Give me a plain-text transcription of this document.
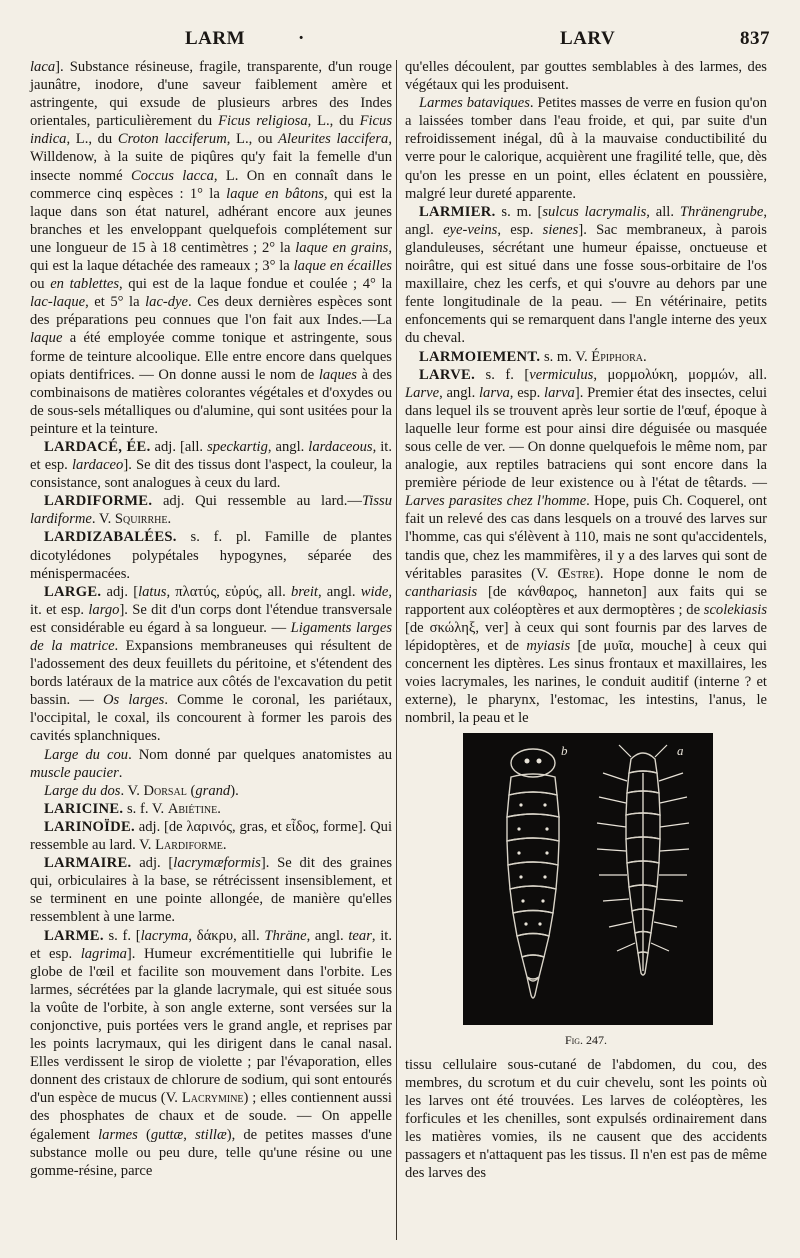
LARM	·	LARV	837

laca]. Substance résineuse, fragile, transparente, d'un rouge jaunâtre, inodore, d'une saveur faiblement amère et astringente, qui exsude de plusieurs arbres des Indes orientales, particulièrement du Ficus religiosa, L., du Ficus indica, L., du Croton lacciferum, L., ou Aleurites laccifera, Willdenow, à la suite de piqûres qu'y fait la femelle d'un insecte nommé Coccus lacca, L. On en connaît dans le commerce cinq espèces : 1° la laque en bâtons, qui est la laque dans son état naturel, adhérant encore aux jeunes branches et les enveloppant quelquefois complétement sur une longueur de 15 à 18 centimètres ; 2° la laque en grains, qui est la laque détachée des rameaux ; 3° la laque en écailles ou en tablettes, qui est de la laque fondue et coulée ; 4° la lac-laque, et 5° la lac-dye. Ces deux dernières espèces sont des préparations peu connues que l'on fait aux Indes.—La laque a été employée comme tonique et astringente, sous forme de teinture alcoolique. Elle entre encore dans quelques opiats dentifrices. — On donne aussi le nom de laques à des combinaisons de matières colorantes végétales et d'oxydes ou de sous-sels métalliques ou d'alumine, qui sont usitées pour la peinture et la teinture.

LARDACÉ, ÉE. adj. [all. speckartig, angl. lardaceous, it. et esp. lardaceo]. Se dit des tissus dont l'aspect, la couleur, la consistance, sont analogues à ceux du lard.

LARDIFORME. adj. Qui ressemble au lard.—Tissu lardiforme. V. Squirrhe.

LARDIZABALÉES. s. f. pl. Famille de plantes dicotylédones polypétales hypogynes, séparée des ménispermacées.

LARGE. adj. [latus, πλατύς, εὐρύς, all. breit, angl. wide, it. et esp. largo]. Se dit d'un corps dont l'étendue transversale est considérable eu égard à sa longueur. — Ligaments larges de la matrice. Expansions membraneuses qui résultent de l'adossement des deux feuillets du péritoine, et s'étendent des bords latéraux de la matrice aux côtés de l'excavation du petit bassin. — Os larges. Comme le coronal, les pariétaux, l'occipital, le coxal, ils concourent à former les parois des cavités splanchniques.

Large du cou. Nom donné par quelques anatomistes au muscle paucier.

Large du dos. V. Dorsal (grand).

LARICINE. s. f. V. Abiétine.

LARINOÏDE. adj. [de λαρινός, gras, et εἶδος, forme]. Qui ressemble au lard. V. Lardiforme.

LARMAIRE. adj. [lacrymæformis]. Se dit des graines qui, orbiculaires à la base, se rétrécissent insensiblement, et se terminent en une pointe allongée, de manière qu'elles ressemblent à une larme.

LARME. s. f. [lacryma, δάκρυ, all. Thräne, angl. tear, it. et esp. lagrima]. Humeur excrémentitielle qui lubrifie le globe de l'œil et facilite son mouvement dans l'orbite. Les larmes, sécrétées par la glande lacrymale, qui est située sous la voûte de l'orbite, à son angle externe, sont versées sur la conjonctive, puis portées vers le grand angle, et reprises par les points lacrymaux, qui les dirigent dans le canal nasal. Elles verdissent le sirop de violette ; par l'évaporation, elles donnent des cristaux de chlorure de sodium, qui sont entourés d'un espèce de mucus (V. Lacrymine) ; elles contiennent aussi des phosphates de chaux et de soude. — On appelle également larmes (guttæ, stillæ), de petites masses d'une substance molle ou peu dure, telle qu'une résine ou une gomme-résine, parce

qu'elles découlent, par gouttes semblables à des larmes, des végétaux qui les produisent.

Larmes bataviques. Petites masses de verre en fusion qu'on a laissées tomber dans l'eau froide, et qui, par suite d'un refroidissement inégal, dû à la mauvaise conductibilité du verre pour le calorique, acquièrent une fragilité telle, que, dès qu'on les presse en un point, elles éclatent en poussière, malgré leur dureté apparente.

LARMIER. s. m. [sulcus lacrymalis, all. Thränengrube, angl. eye-veins, esp. sienes]. Sac membraneux, à parois glanduleuses, sécrétant une humeur épaisse, onctueuse et noirâtre, qui est situé dans une fosse sous-orbitaire de l'os maxillaire, chez les cerfs, et qui s'ouvre au dehors par une fente longitudinale de la peau. — En vétérinaire, petits enfoncements qui se remarquent dans l'angle interne des yeux du cheval.

LARMOIEMENT. s. m. V. Épiphora.

LARVE. s. f. [vermiculus, μορμολύκη, μορμών, all. Larve, angl. larva, esp. larva]. Premier état des insectes, celui dans lequel ils se trouvent après leur sortie de l'œuf, époque à laquelle leur forme est pour ainsi dire déguisée ou masquée sous celle de ver. — On donne quelquefois le même nom, par analogie, aux reptiles batraciens qui sont encore dans la première période de leur existence ou à l'état de têtards. — Larves parasites chez l'homme. Hope, puis Ch. Coquerel, ont fait un relevé des cas dans lesquels on a trouvé des larves sur l'homme, cas qui s'élèvent à 110, mais ne sont qu'accidentels, tandis que, chez les mammifères, il y a des larves qui sont de véritables parasites (V. Œstre). Hope donne le nom de canthariasis [de κάνθαρος, hanneton] aux faits qui se rapportent aux coléoptères et aux dermoptères ; de scolekiasis [de σκώληξ, ver] à ceux qui sont fournis par des larves de lépidoptères, et de myiasis [de μυῖα, mouche] à ceux qui concernent les diptères. Les sinus frontaux et maxillaires, les voies lacrymales, les narines, le conduit auditif (interne ? et externe), le pharynx, l'estomac, les intestins, l'anus, le nombril, la peau et le

b	a
Fig. 247.

tissu cellulaire sous-cutané de l'abdomen, du cou, des membres, du scrotum et du cuir chevelu, sont les points où les larves ont été trouvées. Les larves de coléoptères, les forficules et les chenilles, sont expulsés ordinairement dans les matières vomies, ils ne causent que des accidents passagers et n'attaquent pas les tissus. Il n'en est pas de même des larves des
